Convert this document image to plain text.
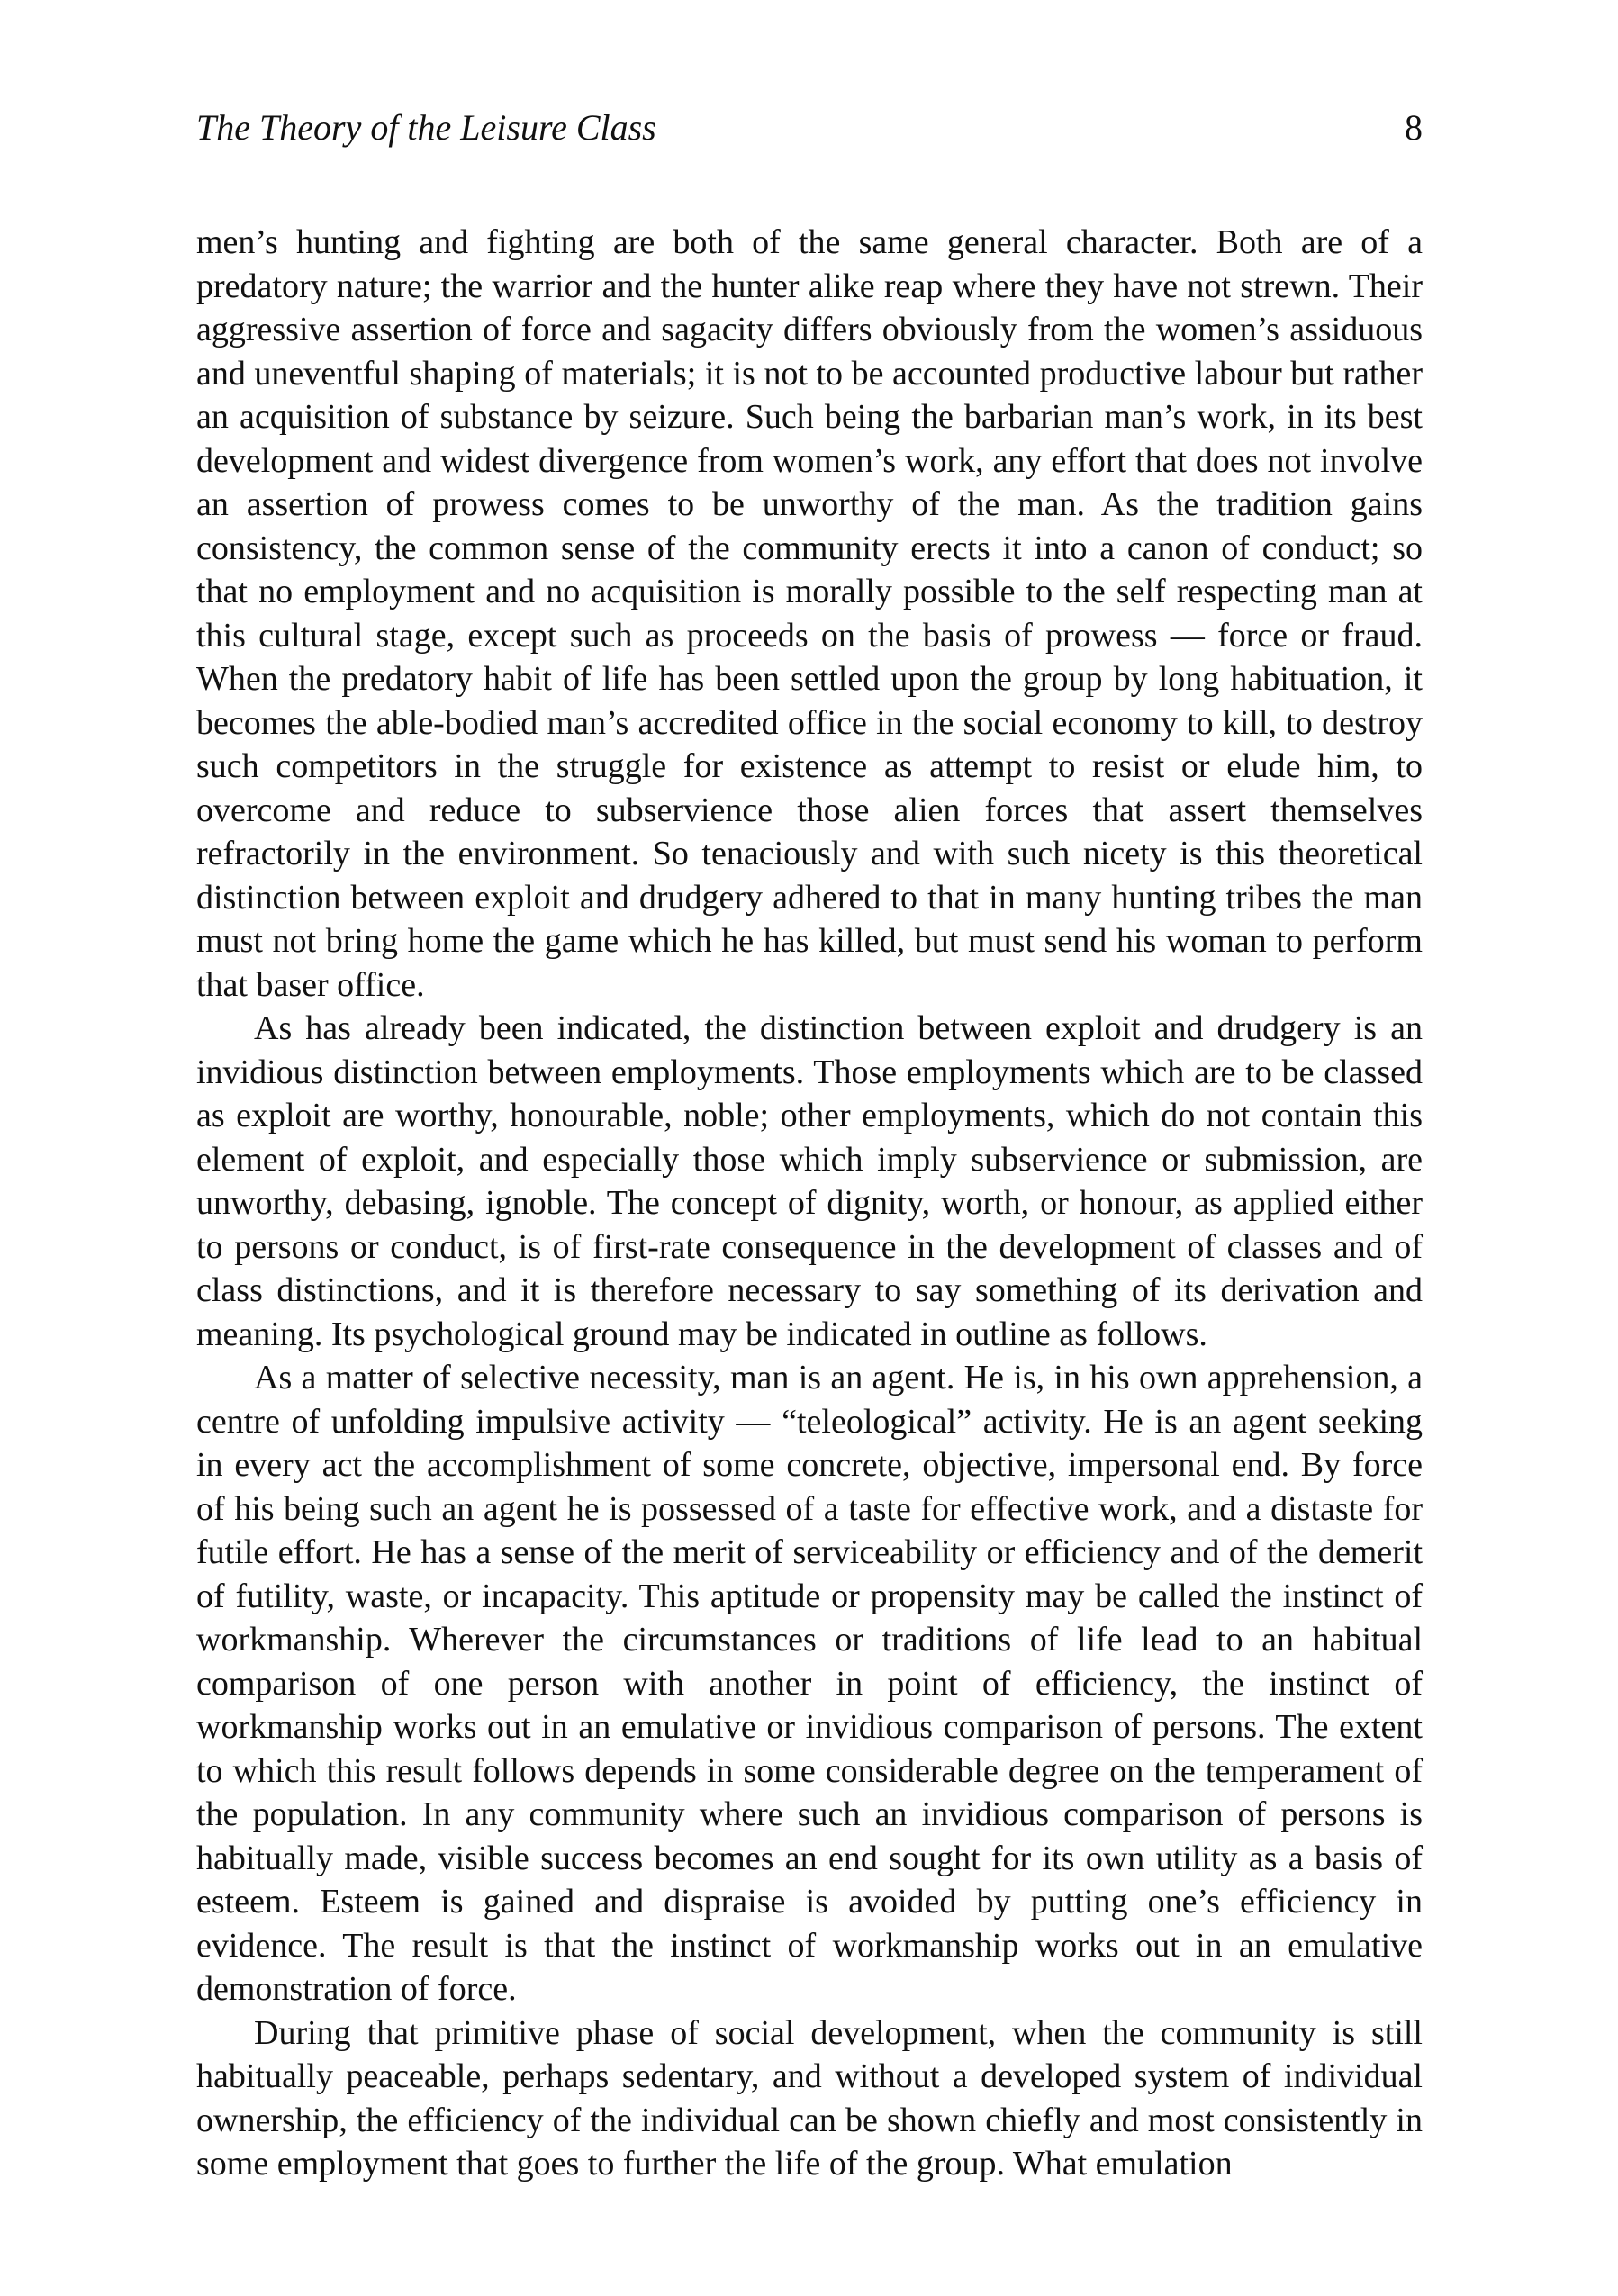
The Theory of the Leisure Class	8

men’s hunting and fighting are both of the same general character. Both are of a predatory nature; the warrior and the hunter alike reap where they have not strewn. Their aggressive assertion of force and sagacity differs obviously from the women’s assiduous and uneventful shaping of materials; it is not to be accounted productive labour but rather an acquisition of substance by seizure. Such being the barbarian man’s work, in its best development and widest divergence from women’s work, any effort that does not involve an assertion of prowess comes to be unworthy of the man. As the tradition gains consistency, the common sense of the community erects it into a canon of conduct; so that no employment and no acquisition is morally possible to the self respecting man at this cultural stage, except such as proceeds on the basis of prowess — force or fraud. When the predatory habit of life has been settled upon the group by long habituation, it becomes the able-bodied man’s accredited office in the social economy to kill, to destroy such competitors in the struggle for existence as attempt to resist or elude him, to overcome and reduce to subservience those alien forces that assert themselves refractorily in the environment. So tenaciously and with such nicety is this theoretical distinction between exploit and drudgery adhered to that in many hunting tribes the man must not bring home the game which he has killed, but must send his woman to perform that baser office.

As has already been indicated, the distinction between exploit and drudgery is an invidious distinction between employments. Those employments which are to be classed as exploit are worthy, honourable, noble; other employments, which do not contain this element of exploit, and especially those which imply subservience or submission, are unworthy, debasing, ignoble. The concept of dignity, worth, or honour, as applied either to persons or conduct, is of first-rate consequence in the development of classes and of class distinctions, and it is therefore necessary to say something of its derivation and meaning. Its psychological ground may be indicated in outline as follows.

As a matter of selective necessity, man is an agent. He is, in his own apprehension, a centre of unfolding impulsive activity — “teleological” activity. He is an agent seeking in every act the accomplishment of some concrete, objective, impersonal end. By force of his being such an agent he is possessed of a taste for effective work, and a distaste for futile effort. He has a sense of the merit of serviceability or efficiency and of the demerit of futility, waste, or incapacity. This aptitude or propensity may be called the instinct of workmanship. Wherever the circumstances or traditions of life lead to an habitual comparison of one person with another in point of efficiency, the instinct of workmanship works out in an emulative or invidious comparison of persons. The extent to which this result follows depends in some considerable degree on the temperament of the population. In any community where such an invidious comparison of persons is habitually made, visible success becomes an end sought for its own utility as a basis of esteem. Esteem is gained and dispraise is avoided by putting one’s efficiency in evidence. The result is that the instinct of workmanship works out in an emulative demonstration of force.

During that primitive phase of social development, when the community is still habitually peaceable, perhaps sedentary, and without a developed system of individual ownership, the efficiency of the individual can be shown chiefly and most consistently in some employment that goes to further the life of the group. What emulation
